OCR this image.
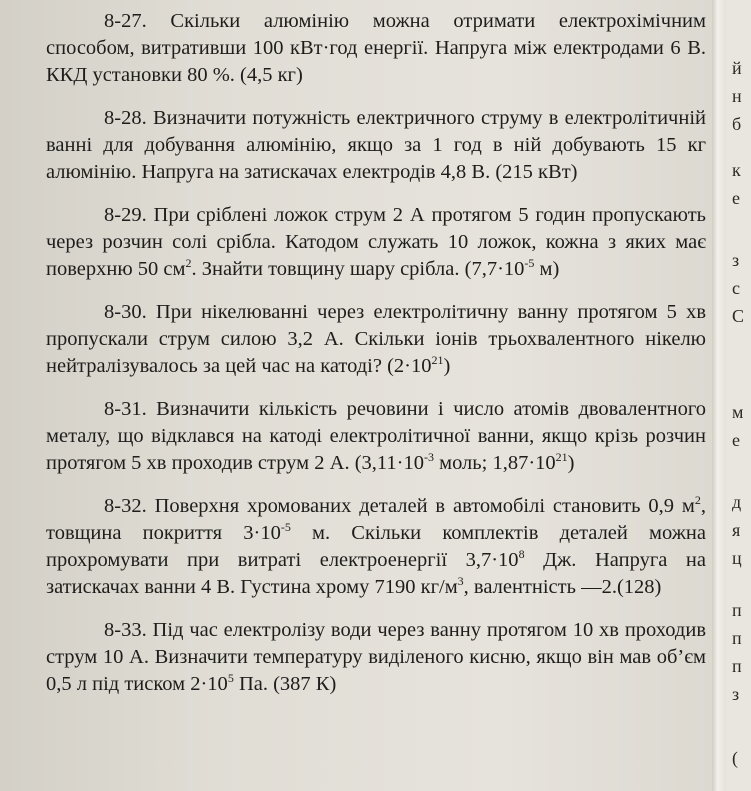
8-27. Скільки алюмінію можна отримати електрохімічним способом, витративши 100 кВт·год енергії. Напруга між електродами 6 В. ККД установки 80 %. (4,5 кг)

8-28. Визначити потужність електричного струму в електролітичній ванні для добування алюмінію, якщо за 1 год в ній добувають 15 кг алюмінію. Напруга на затискачах електродів 4,8 В. (215 кВт)

8-29. При сріблені ложок струм 2 А протягом 5 годин пропускають через розчин солі срібла. Катодом служать 10 ложок, кожна з яких має поверхню 50 $см^2$. Знайти товщину шару срібла. ($7,7\cdot 10^{-5}$ м)

8-30. При нікелюванні через електролітичну ванну протягом 5 хв пропускали струм силою 3,2 А. Скільки іонів трьохвалентного нікелю нейтралізувалось за цей час на катоді? $(2\cdot 10^{21})$

8-31. Визначити кількість речовини і число атомів двовалентного металу, що відклався на катоді електролітичної ванни, якщо крізь розчин протягом 5 хв проходив струм 2 А. ($3,11\cdot 10^{-3}$ моль; $1,87\cdot 10^{21}$)

8-32. Поверхня хромованих деталей в автомобілі становить 0,9 $м^2$, товщина покриття $3\cdot 10^{-5}$ м. Скільки комплектів деталей можна прохромувати при витраті електроенергії $3,7\cdot 10^8$ Дж. Напруга на затискачах ванни 4 В. Густина хрому 7190 $кг/м^3$, валентність —2.(128)

8-33. Під час електролізу води через ванну протягом 10 хв проходив струм 10 А. Визначити температуру виділеного кисню, якщо він мав об’єм 0,5 л під тиском $2\cdot 10^5$ Па. (387 К)

й
н
б
к
е
з
с
С
м
е
д
я
ц
п
п
п
з
(
